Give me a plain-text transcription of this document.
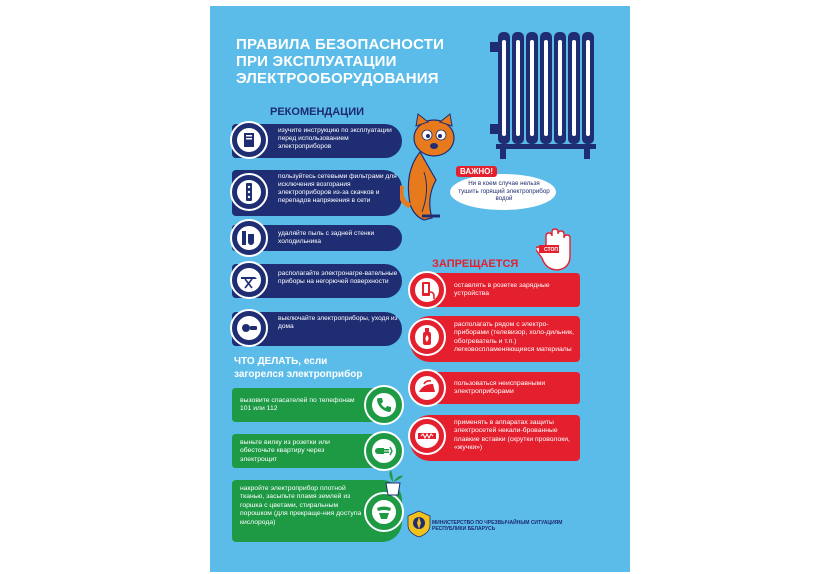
ПРАВИЛА БЕЗОПАСНОСТИ
ПРИ ЭКСПЛУАТАЦИИ
ЭЛЕКТРООБОРУДОВАНИЯ
РЕКОМЕНДАЦИИ
изучите инструкцию по эксплуатации перед использованием электроприборов
пользуйтесь сетевыми фильтрами для исключения возгорания электроприборов из-за скачков и перепадов напряжения в сети
удаляйте пыль с задней стенки холодильника
располагайте электронагре-вательные приборы на негорючей поверхности
выключайте электроприборы, уходя из дома
ЧТО ДЕЛАТЬ, если
загорелся электроприбор
вызовите спасателей по телефонам 101 или 112
выньте вилку из розетки или обесточьте квартиру через электрощит
накройте электроприбор плотной тканью, засыпьте пламя землей из горшка с цветами, стиральным порошком (для прекраще-ния доступа кислорода)
ВАЖНО!
Ни в коем случае нельзя тушить горящий электроприбор водой
СТОП
ЗАПРЕЩАЕТСЯ
оставлять в розетке зарядные устройства
располагать рядом с электро-приборами (телевизор, холо-дильник, обогреватель и т.п.) легковоспламеняющиеся материалы
пользоваться неисправными электроприборами
применять в аппаратах защиты электросетей некали-брованные плавкие вставки (скрутки проволоки, «жучки»)
МИНИСТЕРСТВО ПО ЧРЕЗВЫЧАЙНЫМ СИТУАЦИЯМ
РЕСПУБЛИКИ БЕЛАРУСЬ
